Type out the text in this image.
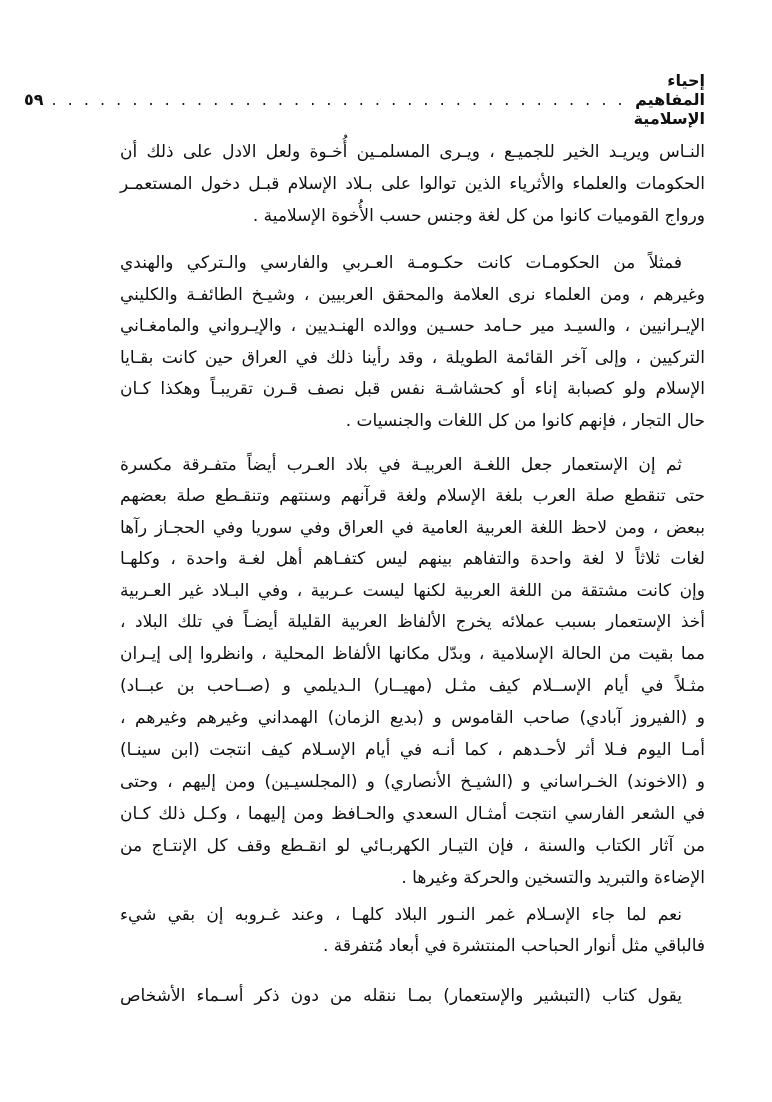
إحياء المفاهيم الإسلامية
. . . . . . . . . . . . . . . . . . . . . . . . . . . . . . . . . . . .
٥٩
النـاس ويريـد الخير للجميـع ، ويـرى المسلمـين أُخـوة ولعل الادل على ذلك أن
الحكومات والعلماء والأثرياء الذين توالوا على بـلاد الإسلام قبـل دخول المستعمـر
ورواج القوميات كانوا من كل لغة وجنس حسب الأُخوة الإسلامية .
فمثلاً من الحكومـات كانت حكـومـة العـربي والفارسي والـتركي والهندي
وغيرهم ، ومن العلماء نرى العلامة والمحقق العربيين ، وشيـخ الطائفـة والكليني
الإيـرانيين ، والسيـد مير حـامد حسـين ووالده الهنـديين ، والإيـرواني والمامغـاني
التركيين ، وإلى آخر القائمة الطويلة ، وقد رأينا ذلك في العراق حين كانت بقـايا
الإسلام ولو كصبابة إناء أو كحشاشـة نفس قبل نصف قـرن تقريبـاً وهكذا كـان
حال التجار ، فإنهم كانوا من كل اللغات والجنسيات .
ثم إن الإستعمار جعل اللغـة العربيـة في بلاد العـرب أيضاً متفـرقة مكسرة
حتى تنقطع صلة العرب بلغة الإسلام ولغة قرآنهم وسنتهم وتنقـطع صلة بعضهم
ببعض ، ومن لاحظ اللغة العربية العامية في العراق وفي سوريا وفي الحجـاز رآها
لغات ثلاثاً لا لغة واحدة والتفاهم بينهم ليس كتفـاهم أهل لغـة واحدة ، وكلهـا
وإن كانت مشتقة من اللغة العربية لكنها ليست عـربية ، وفي البـلاد غير العـربية
أخذ الإستعمار بسبب عملائه يخرج الألفاظ العربية القليلة أيضـاً في تلك البلاد ،
مما بقيت من الحالة الإسلامية ، وبدّل مكانها الألفاظ المحلية ، وانظروا إلى إيـران
مثـلاً في أيام الإســلام كيف مثـل (مهيــار) الـديلمي و (صــاحب بن عبــاد)
و (الفيروز آبادي) صاحب القاموس و (بديع الزمان) الهمداني وغيرهم وغيرهم ،
أمـا اليوم فـلا أثر لأحـدهم ، كما أنـه في أيام الإسـلام كيف انتجت (ابن سينـا)
و (الاخوند) الخـراساني و (الشيـخ الأنصاري) و (المجلسيـين) ومن إليهم ، وحتى
في الشعر الفارسي انتجت أمثـال السعدي والحـافظ ومن إليهما ، وكـل ذلك كـان
من آثار الكتاب والسنة ، فإن التيـار الكهربـائي لو انقـطع وقف كل الإنتـاج من
الإضاءة والتبريد والتسخين والحركة وغيرها .
نعم لما جاء الإسـلام غمر النـور البلاد كلهـا ، وعند غـروبه إن بقي شيء
فالباقي مثل أنوار الحباحب المنتشرة في أبعاد مُتفرقة .
يقول كتاب (التبشير والإستعمار) بمـا ننقله من دون ذكر أسـماء الأشخاص
